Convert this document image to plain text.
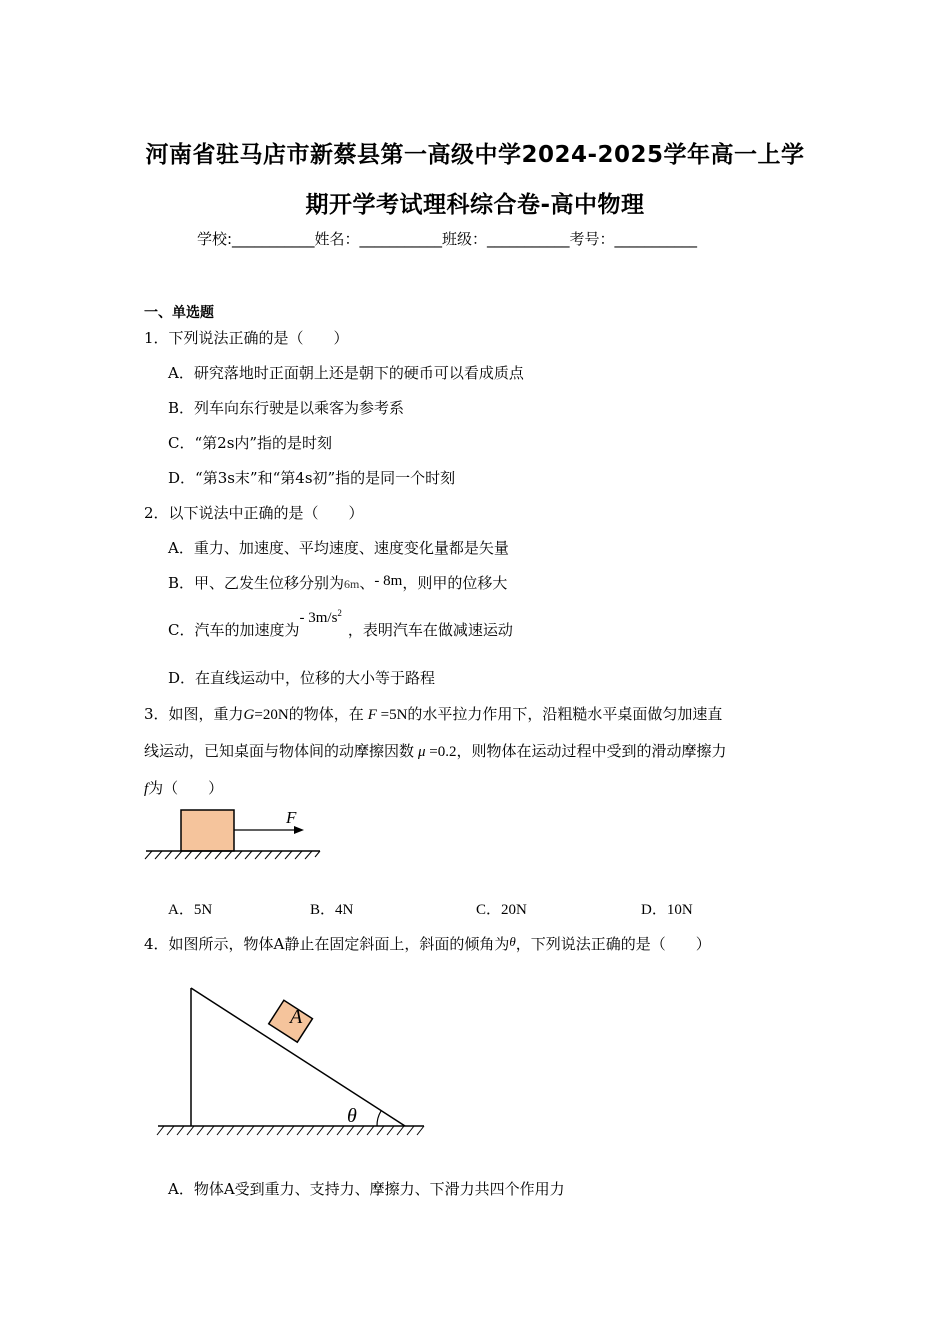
河南省驻马店市新蔡县第一高级中学2024-2025学年高一上学
期开学考试理科综合卷-高中物理
学校:___________姓名：___________班级：___________考号：___________
一、单选题
1．下列说法正确的是（　　）
A．研究落地时正面朝上还是朝下的硬币可以看成质点
B．列车向东行驶是以乘客为参考系
C．“第2s内”指的是时刻
D．“第3s末”和“第4s初”指的是同一个时刻
2．以下说法中正确的是（　　）
A．重力、加速度、平均速度、速度变化量都是矢量
B．甲、乙发生位移分别为6m、- 8m，则甲的位移大
C．汽车的加速度为- $3m/s^2$，表明汽车在做减速运动
D．在直线运动中，位移的大小等于路程
3．如图，重力G=20N的物体，在 F =5N的水平拉力作用下，沿粗糙水平桌面做匀加速直
线运动，已知桌面与物体间的动摩擦因数 μ =0.2，则物体在运动过程中受到的滑动摩擦力
f为（　　）
F
A．5N	B．4N	C．20N	D．10N
4．如图所示，物体A静止在固定斜面上，斜面的倾角为θ，下列说法正确的是（　　）
A
θ
A．物体A受到重力、支持力、摩擦力、下滑力共四个作用力
